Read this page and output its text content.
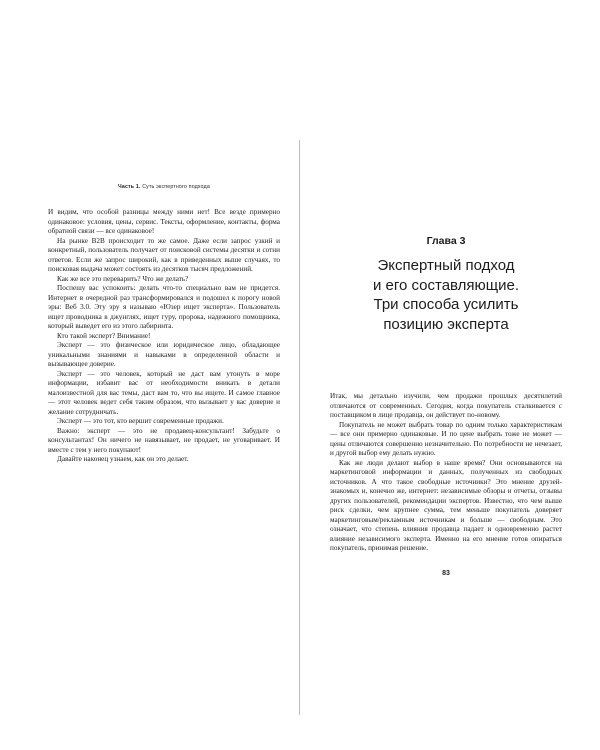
Часть 1. Суть экспертного подхода

И видим, что особой разницы между ними нет! Все везде примерно одинаковое: условия, цены, сервис. Тексты, оформление, контакты, форма обратной связи — все одинаковое!

На рынке B2B происходит то же самое. Даже если запрос узкий и конкретный, пользователь получает от поисковой системы десятки и сотни ответов. Если же запрос широкий, как в приведенных выше случаях, то поисковая выдача может состоять из десятков тысяч предложений.

Как же все это переварить? Что же делать?

Поспешу вас успокоить: делать что-то специально вам не придется. Интернет в очередной раз трансформировался и подошел к порогу новой эры: Веб 3.0. Эту эру я называю «Юзер ищет эксперта». Пользователь ищет проводника в джунглях, ищет гуру, пророка, надежного помощника, который выведет его из этого лабиринта.

Кто такой эксперт? Внимание!

Эксперт — это физическое или юридическое лицо, обладающее уникальными знаниями и навыками в определенной области и вызывающее доверие.

Эксперт — это человек, который не даст вам утонуть в море информации, избавит вас от необходимости вникать в детали малоизвестной для вас темы, даст вам то, что вы ищете. И самое главное — этот человек ведет себя таким образом, что вызывает у вас доверие и желание сотрудничать.

Эксперт — это тот, кто вершит современные продажи.

Важно: эксперт — это не продавец-консультант! Забудьте о консультантах! Он ничего не навязывает, не продает, не уговаривает. И вместе с тем у него покупают!

Давайте наконец узнаем, как он это делает.

Глава 3
Экспертный подход
и его составляющие.
Три способа усилить
позицию эксперта

Итак, мы детально изучили, чем продажи прошлых десятилетий отличаются от современных. Сегодня, когда покупатель сталкивается с поставщиком в лице продавца, он действует по-новому.

Покупатель не может выбрать товар по одним только характеристикам — все они примерно одинаковые. И по цене выбрать тоже не может — цены отличаются совершенно незначительно. По потребности не нечезает, и другой выбор ему делать нужно.

Как же люди делают выбор в наше время? Они основываются на маркетинговой информации и данных, полученных из свободных источников. А что такое свободные источники? Это мнение друзей-знакомых и, конечно же, интернет: независимые обзоры и отчеты, отзывы других пользователей, рекомендации экспертов. Известно, что чем выше риск сделки, чем крупнее сумма, тем меньше покупатель доверяет маркетинговым/рекламным источникам и больше — свободным. Это означает, что степень влияния продавца падает и одновременно растет влияние независимого эксперта. Именно на его мнение готов опираться покупатель, принимая решение.

83
